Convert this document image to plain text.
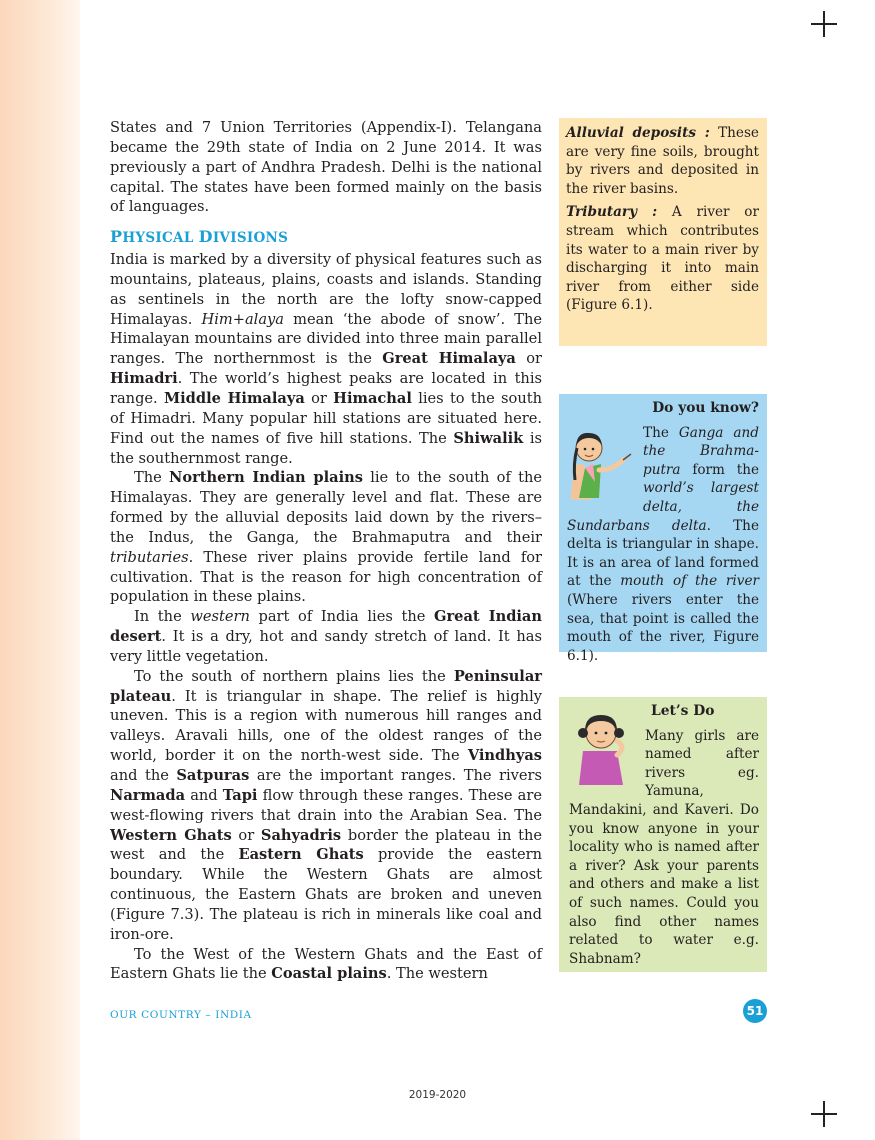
States and 7 Union Territories (Appendix-I). Telangana became the 29th state of India on 2 June 2014. It was previously a part of Andhra Pradesh. Delhi is the national capital. The states have been formed mainly on the basis of languages.

PHYSICAL DIVISIONS

India is marked by a diversity of physical features such as mountains, plateaus, plains, coasts and islands. Standing as sentinels in the north are the lofty snow-capped Himalayas. Him+alaya mean ‘the abode of snow’. The Himalayan mountains are divided into three main parallel ranges. The northernmost is the Great Himalaya or Himadri. The world’s highest peaks are located in this range. Middle Himalaya or Himachal lies to the south of Himadri. Many popular hill stations are situated here. Find out the names of five hill stations. The Shiwalik is the southernmost range.

The Northern Indian plains lie to the south of the Himalayas. They are generally level and flat. These are formed by the alluvial deposits laid down by the rivers– the Indus, the Ganga, the Brahmaputra and their tributaries. These river plains provide fertile land for cultivation. That is the reason for high concentration of population in these plains.

In the western part of India lies the Great Indian desert. It is a dry, hot and sandy stretch of land. It has very little vegetation.

To the south of northern plains lies the Peninsular plateau. It is triangular in shape. The relief is highly uneven. This is a region with numerous hill ranges and valleys. Aravali hills, one of the oldest ranges of the world, border it on the north-west side. The Vindhyas and the Satpuras are the important ranges. The rivers Narmada and Tapi flow through these ranges. These are west-flowing rivers that drain into the Arabian Sea. The Western Ghats or Sahyadris border the plateau in the west and the Eastern Ghats provide the eastern boundary. While the Western Ghats are almost continuous, the Eastern Ghats are broken and uneven (Figure 7.3). The plateau is rich in minerals like coal and iron-ore.

To the West of the Western Ghats and the East of Eastern Ghats lie the Coastal plains. The western

Alluvial deposits : These are very fine soils, brought by rivers and deposited in the river basins.

Tributary : A river or stream which contributes its water to a main river by discharging it into main river from either side (Figure 6.1).

Do you know?
The Ganga and the Brahma-putra form the world’s largest delta, the Sundarbans delta. The delta is triangular in shape. It is an area of land formed at the mouth of the river (Where rivers enter the sea, that point is called the mouth of the river, Figure 6.1).
Let’s Do
Many girls are named after rivers eg. Yamuna, Mandakini, and Kaveri. Do you know anyone in your locality who is named after a river? Ask your parents and others and make a list of such names. Could you also find other names related to water e.g. Shabnam?
OUR COUNTRY – INDIA	51
2019-2020
